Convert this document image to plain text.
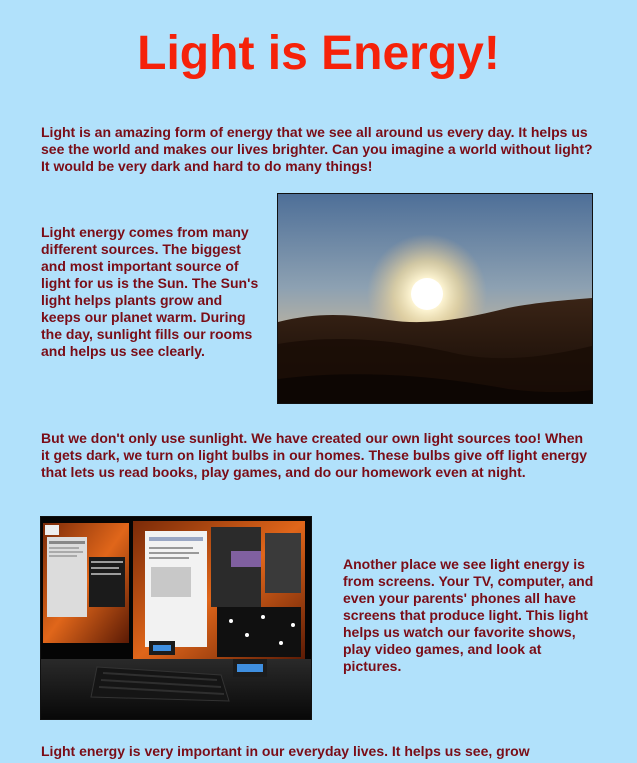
Light is Energy!
Light is an amazing form of energy that we see all around us every day. It helps us see the world and makes our lives brighter. Can you imagine a world without light? It would be very dark and hard to do many things!
Light energy comes from many different sources. The biggest and most important source of light for us is the Sun. The Sun's light helps plants grow and keeps our planet warm. During the day, sunlight fills our rooms and helps us see clearly.
But we don't only use sunlight. We have created our own light sources too! When it gets dark, we turn on light bulbs in our homes. These bulbs give off light energy that lets us read books, play games, and do our homework even at night.
Another place we see light energy is from screens. Your TV, computer, and even your parents' phones all have screens that produce light. This light helps us watch our favorite shows, play video games, and look at pictures.
Light energy is very important in our everyday lives. It helps us see, grow
